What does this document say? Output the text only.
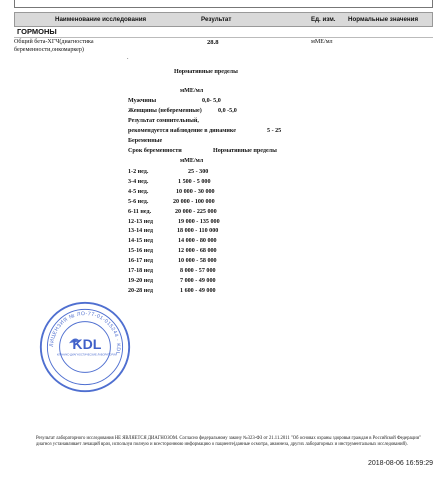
Наименование исследования	Результат	Ед. изм. Нормальные значения
ГОРМОНЫ
Общий бета-ХГЧ(диагностика
беременности,онкомаркер)
28.8	мМЕ/мл
.
Нормативные пределы
мМЕ/мл
Мужчины	0,0- 5,0
Женщины (небеременные)	0,0 -5,0
Результат сомнительный,
рекомендуется наблюдение в динамике	5 - 25
Беременные
Срок беременности	Нормативные пределы
мМЕ/мл
1-2 нед.	25 - 300
3-4 нед.	1 500 - 5 000
4-5 нед.	10 000 - 30 000
5-6 нед.	20 000 - 100 000
6-11 нед.	20 000 - 225 000
12-13 нед	19 000 - 135 000
13-14 нед	18 000 - 110 000
14-15 нед	14 000 - 80 000
15-16 нед	12 000 - 68 000
16-17 нед	10 000 - 58 000
17-18 нед	8 000 - 57 000
19-20 нед	7 000 - 49 000
20-28 нед	1 600 - 49 000
ЛИЦЕНЗИЯ № ЛО-77-01-015244 · KDL
KDL
КЛИНИКО ДИАГНОСТИЧЕСКИЕ ЛАБОРАТОРИИ
Результат лабораторного исследования НЕ ЯВЛЯЕТСЯ ДИАГНОЗОМ. Согласно федеральному закону №323-ФЗ от 21.11.2011 "Об основах охраны здоровья граждан в Российской Федерации" диагноз устанавливает лечащий врач, используя полную и всестороннюю информацию о пациенте(данные осмотра, анамнеза, других лабораторных и инструментальных исследований).
2018-08-06 16:59:29
